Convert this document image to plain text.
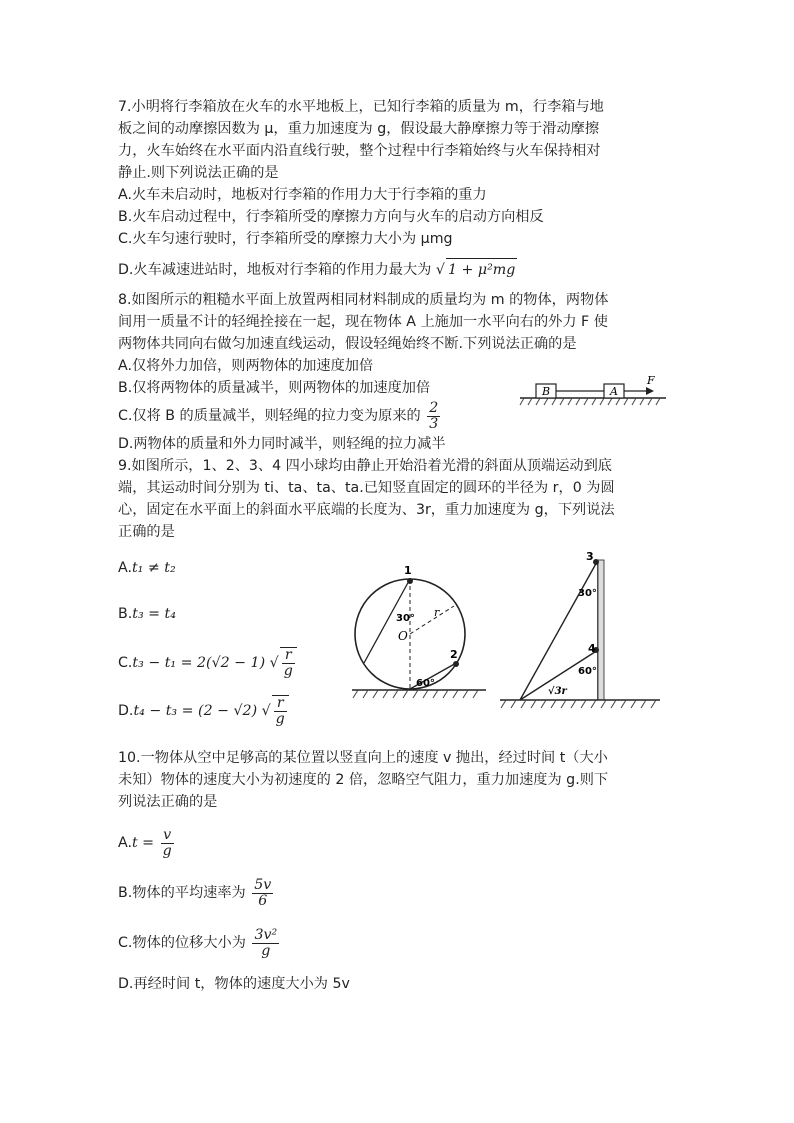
7.小明将行李箱放在火车的水平地板上，已知行李箱的质量为 m，行李箱与地
板之间的动摩擦因数为 μ，重力加速度为 g，假设最大静摩擦力等于滑动摩擦
力，火车始终在水平面内沿直线行驶，整个过程中行李箱始终与火车保持相对
静止.则下列说法正确的是
A.火车未启动时，地板对行李箱的作用力大于行李箱的重力
B.火车启动过程中，行李箱所受的摩擦力方向与火车的启动方向相反
C.火车匀速行驶时，行李箱所受的摩擦力大小为 μmg
D.火车减速进站时，地板对行李箱的作用力最大为 √ 1 + μ²mg
8.如图所示的粗糙水平面上放置两相同材料制成的质量均为 m 的物体，两物体
间用一质量不计的轻绳拴接在一起，现在物体 A 上施加一水平向右的外力 F 使
两物体共同向右做匀加速直线运动，假设轻绳始终不断.下列说法正确的是
A.仅将外力加倍，则两物体的加速度加倍
B.仅将两物体的质量减半，则两物体的加速度加倍
C.仅将 B 的质量减半，则轻绳的拉力变为原来的 $\frac{2}{3}$
D.两物体的质量和外力同时减半，则轻绳的拉力减半
9.如图所示，1、2、3、4 四小球均由静止开始沿着光滑的斜面从顶端运动到底
端，其运动时间分别为 ti、ta、ta、ta.已知竖直固定的圆环的半径为 r，0 为圆
心，固定在水平面上的斜面水平底端的长度为、3r，重力加速度为 g，下列说法
正确的是
A.t₁ ≠ t₂
B.t₃ = t₄
C.t₃ − t₁ = 2(√2 − 1) √ $\frac{r}{g}$
D.t₄ − t₃ = (2 − √2) √ $\frac{r}{g}$
10.一物体从空中足够高的某位置以竖直向上的速度 v 抛出，经过时间 t（大小
未知）物体的速度大小为初速度的 2 倍，忽略空气阻力，重力加速度为 g.则下
列说法正确的是
$A.t = \frac{v}{g}$
B.物体的平均速率为 $\frac{5v}{6}$
C.物体的位移大小为 $\frac{\text{3v²}}{g}$
D.再经时间 t，物体的速度大小为 5v
B	A
F
1
2
O
r
30°
60°
3
4
30°
60°
√3r
